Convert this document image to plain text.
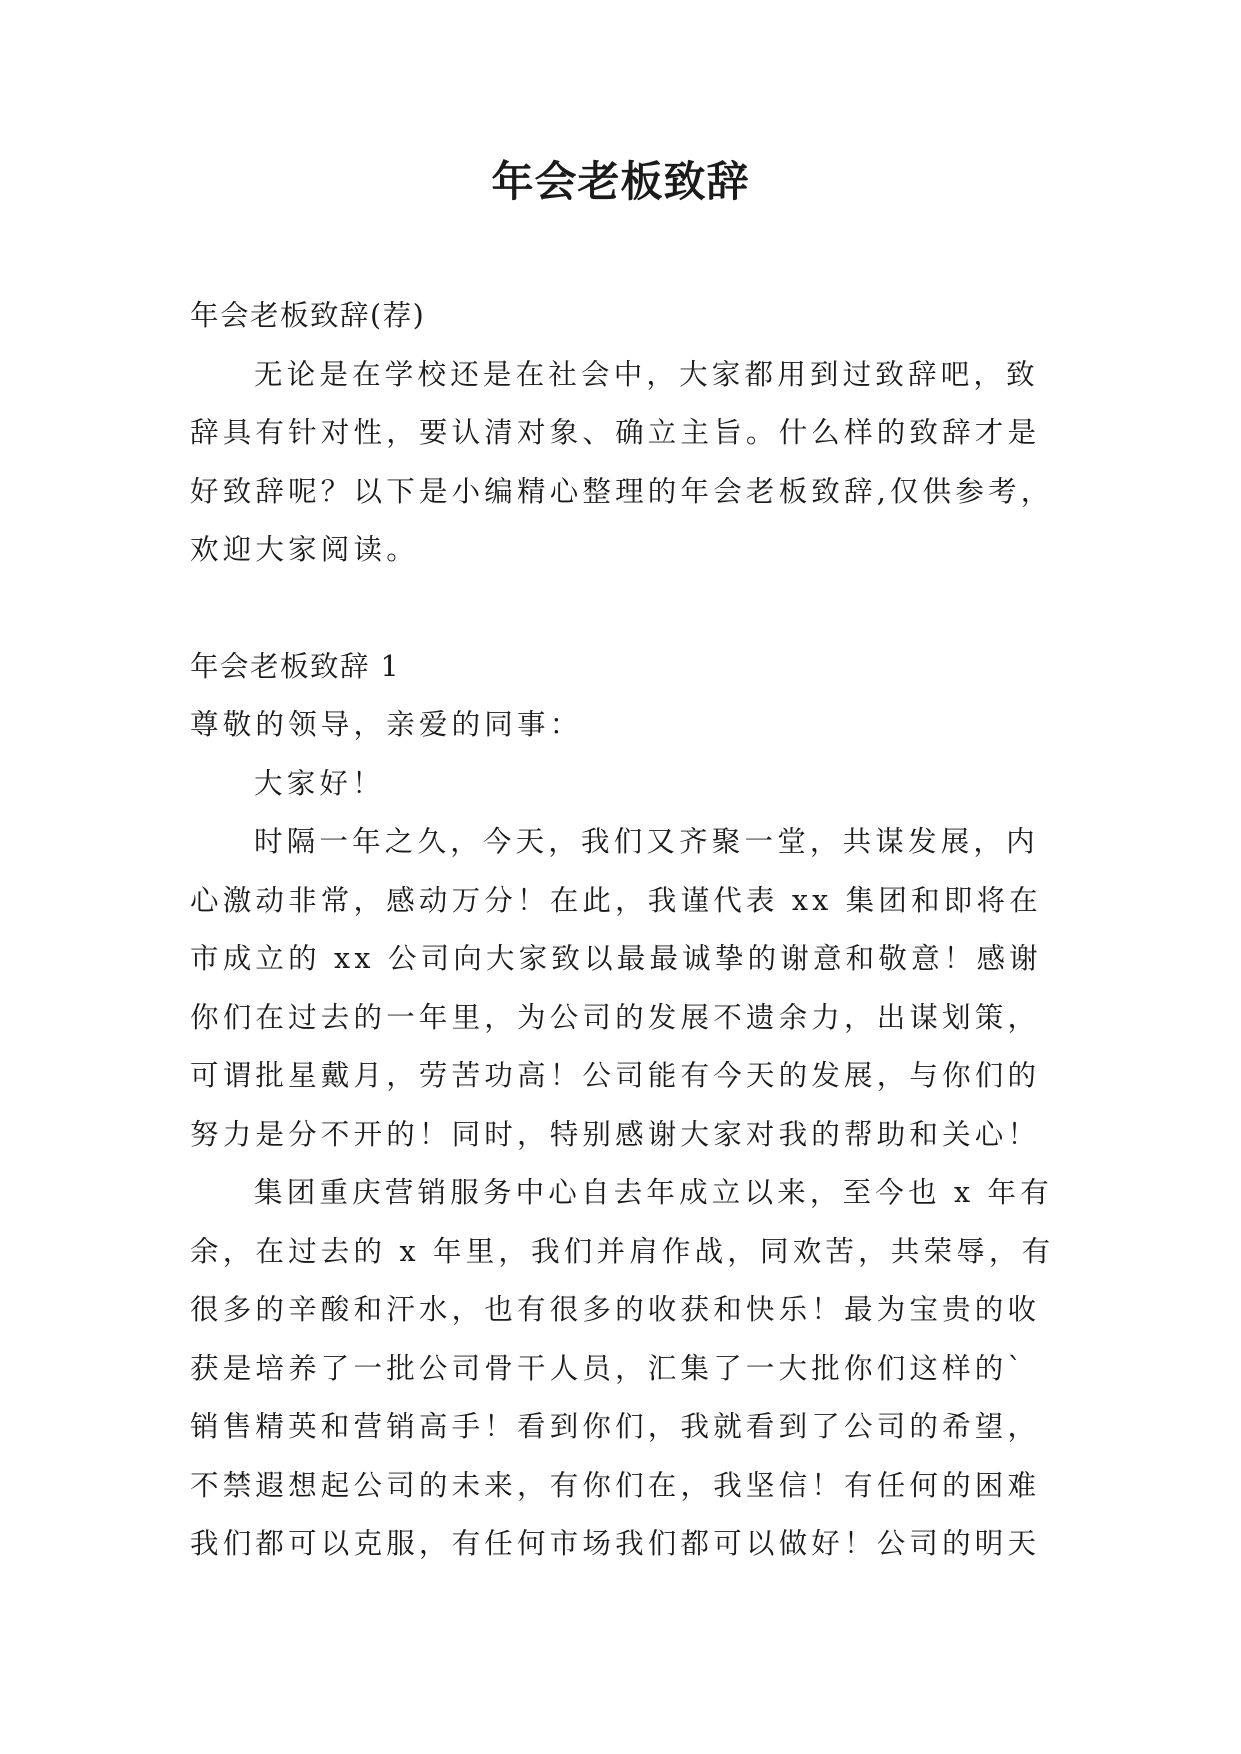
年会老板致辞

年会老板致辞(荐)

无论是在学校还是在社会中，大家都用到过致辞吧，致

辞具有针对性，要认清对象、确立主旨。什么样的致辞才是

好致辞呢？以下是小编精心整理的年会老板致辞,仅供参考，

欢迎大家阅读。

年会老板致辞 1

尊敬的领导，亲爱的同事：

大家好！

时隔一年之久，今天，我们又齐聚一堂，共谋发展，内

心激动非常，感动万分！在此，我谨代表 xx 集团和即将在

市成立的 xx 公司向大家致以最最诚挚的谢意和敬意！感谢

你们在过去的一年里，为公司的发展不遗余力，出谋划策，

可谓批星戴月，劳苦功高！公司能有今天的发展，与你们的

努力是分不开的！同时，特别感谢大家对我的帮助和关心！

集团重庆营销服务中心自去年成立以来，至今也 x 年有

余，在过去的 x 年里，我们并肩作战，同欢苦，共荣辱，有

很多的辛酸和汗水，也有很多的收获和快乐！最为宝贵的收

获是培养了一批公司骨干人员，汇集了一大批你们这样的`

销售精英和营销高手！看到你们，我就看到了公司的希望，

不禁遐想起公司的未来，有你们在，我坚信！有任何的困难

我们都可以克服，有任何市场我们都可以做好！公司的明天
